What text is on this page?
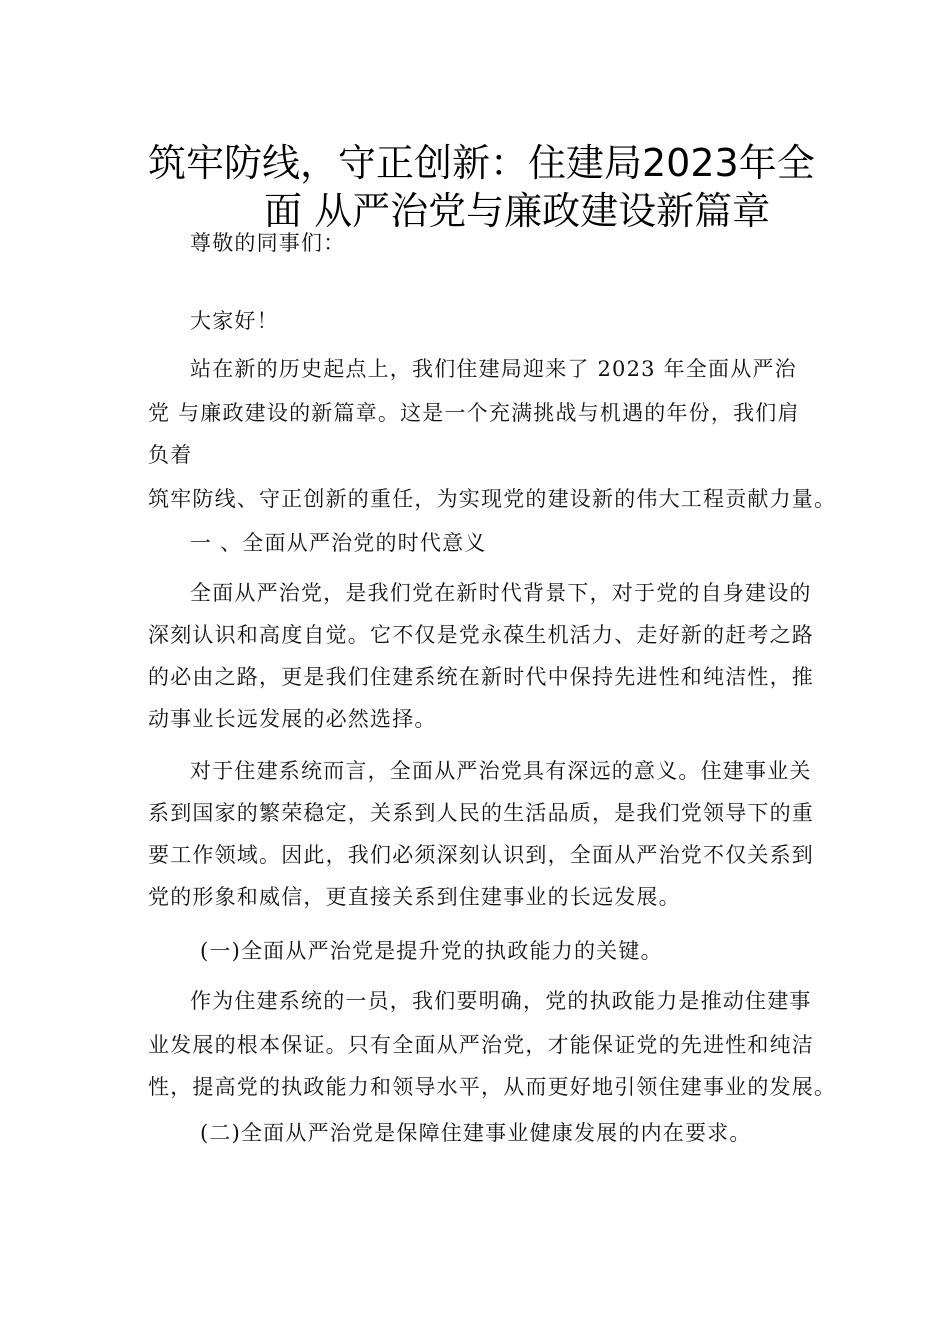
筑牢防线，守正创新：住建局2023年全
面 从严治党与廉政建设新篇章
尊敬的同事们：
大家好！
站在新的历史起点上，我们住建局迎来了 2023 年全面从严治
党 与廉政建设的新篇章。这是一个充满挑战与机遇的年份，我们肩
负着
筑牢防线、守正创新的重任，为实现党的建设新的伟大工程贡献力量。
一 、全面从严治党的时代意义
全面从严治党，是我们党在新时代背景下，对于党的自身建设的
深刻认识和高度自觉。它不仅是党永葆生机活力、走好新的赶考之路
的必由之路，更是我们住建系统在新时代中保持先进性和纯洁性，推
动事业长远发展的必然选择。
对于住建系统而言，全面从严治党具有深远的意义。住建事业关
系到国家的繁荣稳定，关系到人民的生活品质，是我们党领导下的重
要工作领域。因此，我们必须深刻认识到，全面从严治党不仅关系到
党的形象和威信，更直接关系到住建事业的长远发展。
(一)全面从严治党是提升党的执政能力的关键。
作为住建系统的一员，我们要明确，党的执政能力是推动住建事
业发展的根本保证。只有全面从严治党，才能保证党的先进性和纯洁
性，提高党的执政能力和领导水平，从而更好地引领住建事业的发展。
(二)全面从严治党是保障住建事业健康发展的内在要求。
